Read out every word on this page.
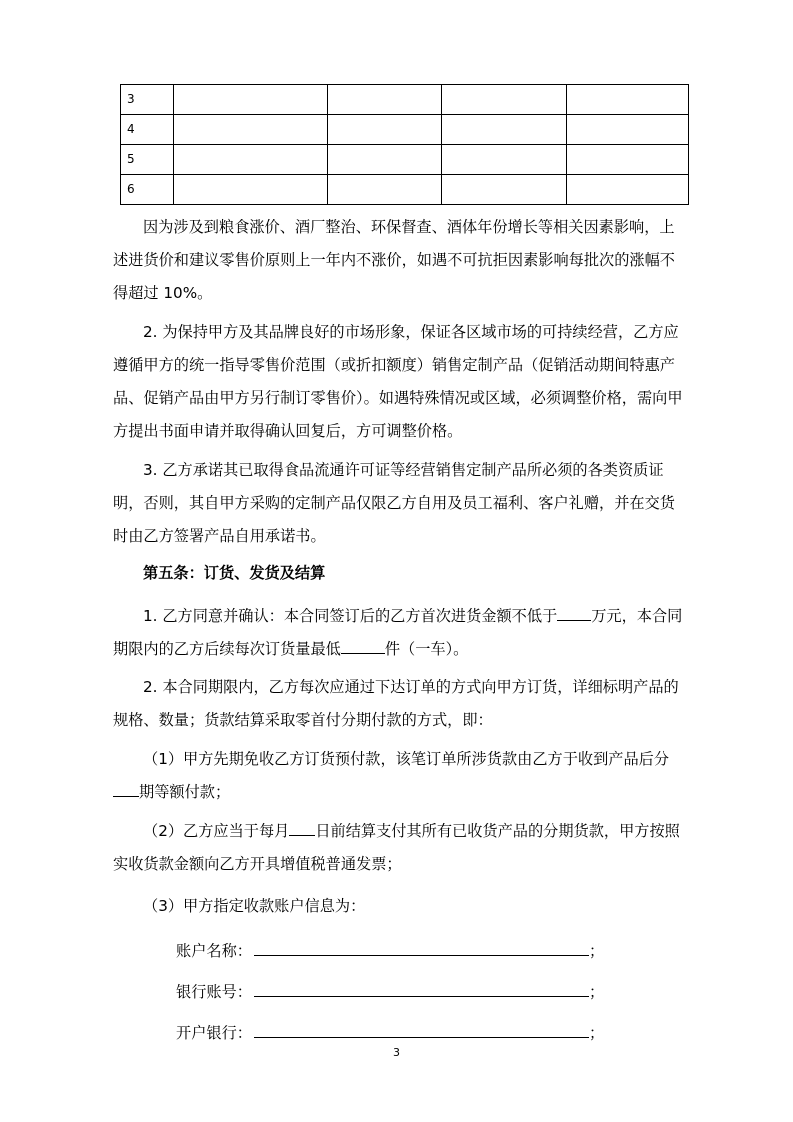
3				
4				
5				
6				

因为涉及到粮食涨价、酒厂整治、环保督查、酒体年份增长等相关因素影响，上述进货价和建议零售价原则上一年内不涨价，如遇不可抗拒因素影响每批次的涨幅不得超过 10%。

2. 为保持甲方及其品牌良好的市场形象，保证各区域市场的可持续经营，乙方应遵循甲方的统一指导零售价范围（或折扣额度）销售定制产品（促销活动期间特惠产品、促销产品由甲方另行制订零售价）。如遇特殊情况或区域，必须调整价格，需向甲方提出书面申请并取得确认回复后，方可调整价格。

3. 乙方承诺其已取得食品流通许可证等经营销售定制产品所必须的各类资质证明，否则，其自甲方采购的定制产品仅限乙方自用及员工福利、客户礼赠，并在交货时由乙方签署产品自用承诺书。

第五条：订货、发货及结算

1. 乙方同意并确认：本合同签订后的乙方首次进货金额不低于 万元，本合同期限内的乙方后续每次订货量最低	件（一车）。

2. 本合同期限内，乙方每次应通过下达订单的方式向甲方订货，详细标明产品的规格、数量；货款结算采取零首付分期付款的方式，即：

（1）甲方先期免收乙方订货预付款，该笔订单所涉货款由乙方于收到产品后分期等额付款；

（2）乙方应当于每月 日前结算支付其所有已收货产品的分期货款，甲方按照实收货款金额向乙方开具增值税普通发票；

（3）甲方指定收款账户信息为：

账户名称：	；
银行账号：	；
开户银行：	；
3
